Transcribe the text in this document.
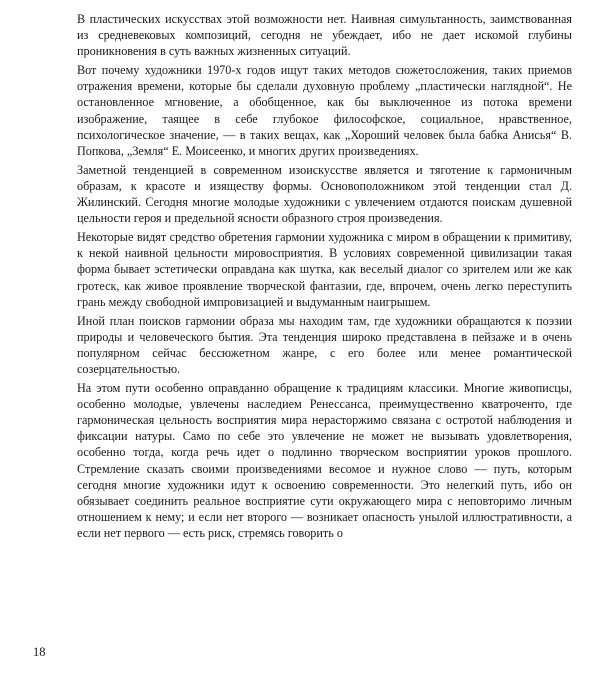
В пластических искусствах этой возможности нет. Наивная симультанность, заимствованная из средневековых композиций, сегодня не убеждает, ибо не дает искомой глубины проникновения в суть важных жизненных ситуаций.

Вот почему художники 1970-х годов ищут таких методов сюжетосложения, таких приемов отражения времени, которые бы сделали духовную проблему „пластически наглядной“. Не остановленное мгновение, а обобщенное, как бы выключенное из потока времени изображение, таящее в себе глубокое философское, социальное, нравственное, психологическое значение, — в таких вещах, как „Хороший человек была бабка Анисья“ В. Попкова, „Земля“ Е. Моисеенко, и многих других произведениях.

Заметной тенденцией в современном изоискусстве является и тяготение к гармоничным образам, к красоте и изяществу формы. Основоположником этой тенденции стал Д. Жилинский. Сегодня многие молодые художники с увлечением отдаются поискам душевной цельности героя и предельной ясности образного строя произведения.

Некоторые видят средство обретения гармонии художника с миром в обращении к примитиву, к некой наивной цельности мировосприятия. В условиях современной цивилизации такая форма бывает эстетически оправдана как шутка, как веселый диалог со зрителем или же как гротеск, как живое проявление творческой фантазии, где, впрочем, очень легко переступить грань между свободной импровизацией и выдуманным наигрышем.

Иной план поисков гармонии образа мы находим там, где художники обращаются к поэзии природы и человеческого бытия. Эта тенденция широко представлена в пейзаже и в очень популярном сейчас бессюжетном жанре, с его более или менее романтической созерцательностью.

На этом пути особенно оправданно обращение к традициям классики. Многие живописцы, особенно молодые, увлечены наследием Ренессанса, преимущественно кватроченто, где гармоническая цельность восприятия мира нерасторжимо связана с остротой наблюдения и фиксации натуры. Само по себе это увлечение не может не вызывать удовлетворения, особенно тогда, когда речь идет о подлинно творческом восприятии уроков прошлого. Стремление сказать своими произведениями весомое и нужное слово — путь, которым сегодня многие художники идут к освоению современности. Это нелегкий путь, ибо он обязывает соединить реальное восприятие сути окружающего мира с неповторимо личным отношением к нему; и если нет второго — возникает опасность унылой иллюстративности, а если нет первого — есть риск, стремясь говорить о

18
